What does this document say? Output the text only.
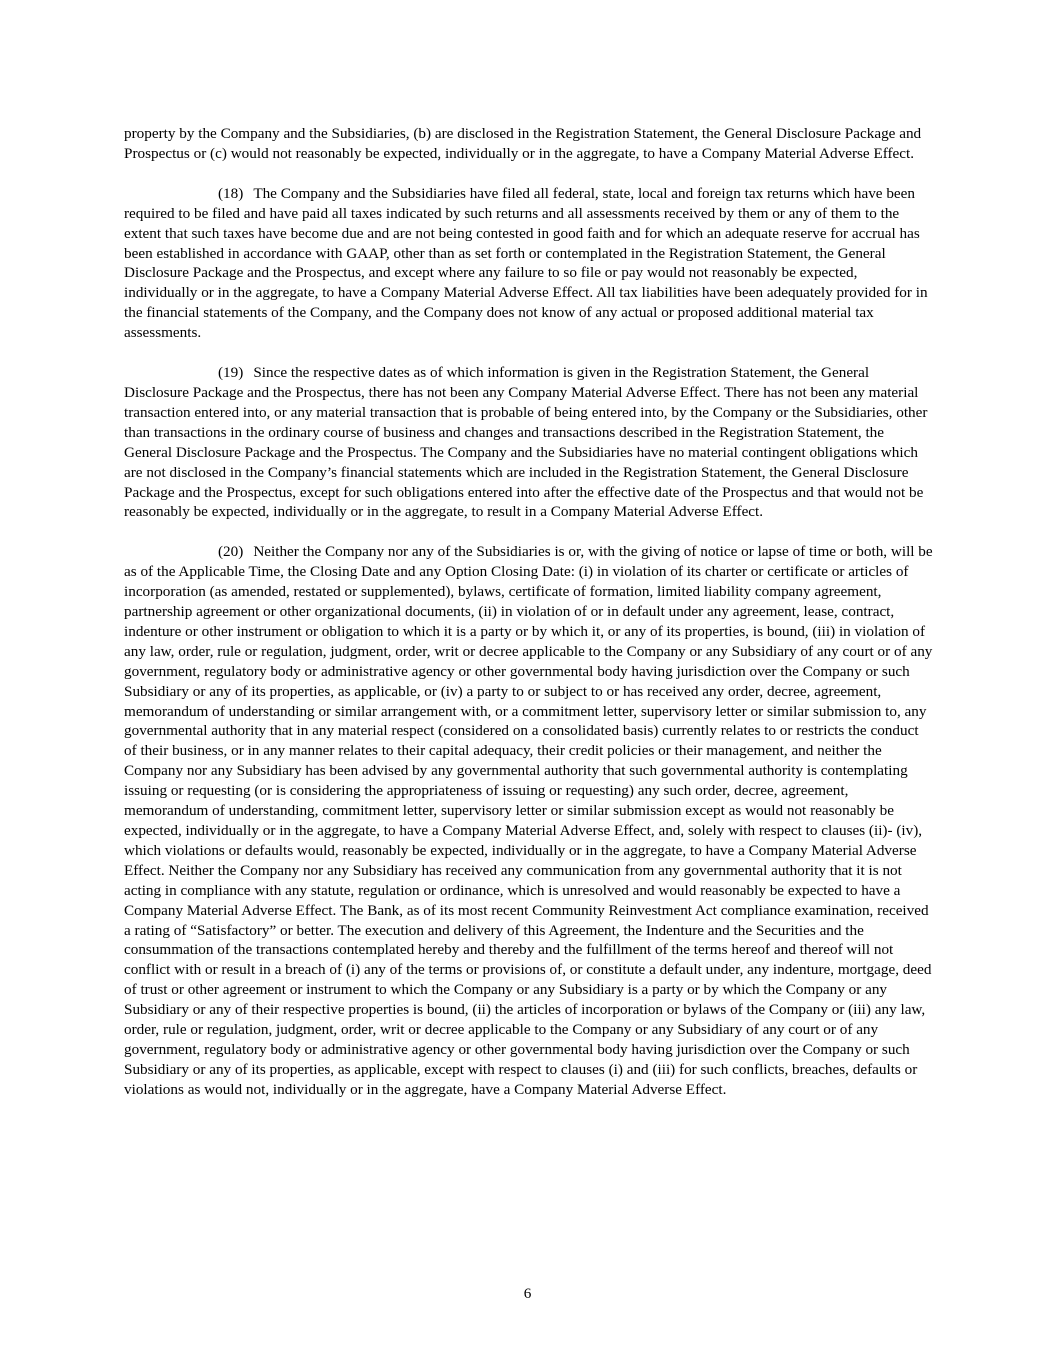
property by the Company and the Subsidiaries, (b) are disclosed in the Registration Statement, the General Disclosure Package and Prospectus or (c) would not reasonably be expected, individually or in the aggregate, to have a Company Material Adverse Effect.

(18) The Company and the Subsidiaries have filed all federal, state, local and foreign tax returns which have been required to be filed and have paid all taxes indicated by such returns and all assessments received by them or any of them to the extent that such taxes have become due and are not being contested in good faith and for which an adequate reserve for accrual has been established in accordance with GAAP, other than as set forth or contemplated in the Registration Statement, the General Disclosure Package and the Prospectus, and except where any failure to so file or pay would not reasonably be expected, individually or in the aggregate, to have a Company Material Adverse Effect. All tax liabilities have been adequately provided for in the financial statements of the Company, and the Company does not know of any actual or proposed additional material tax assessments.

(19) Since the respective dates as of which information is given in the Registration Statement, the General Disclosure Package and the Prospectus, there has not been any Company Material Adverse Effect. There has not been any material transaction entered into, or any material transaction that is probable of being entered into, by the Company or the Subsidiaries, other than transactions in the ordinary course of business and changes and transactions described in the Registration Statement, the General Disclosure Package and the Prospectus. The Company and the Subsidiaries have no material contingent obligations which are not disclosed in the Company’s financial statements which are included in the Registration Statement, the General Disclosure Package and the Prospectus, except for such obligations entered into after the effective date of the Prospectus and that would not be reasonably be expected, individually or in the aggregate, to result in a Company Material Adverse Effect.

(20) Neither the Company nor any of the Subsidiaries is or, with the giving of notice or lapse of time or both, will be as of the Applicable Time, the Closing Date and any Option Closing Date: (i) in violation of its charter or certificate or articles of incorporation (as amended, restated or supplemented), bylaws, certificate of formation, limited liability company agreement, partnership agreement or other organizational documents, (ii) in violation of or in default under any agreement, lease, contract, indenture or other instrument or obligation to which it is a party or by which it, or any of its properties, is bound, (iii) in violation of any law, order, rule or regulation, judgment, order, writ or decree applicable to the Company or any Subsidiary of any court or of any government, regulatory body or administrative agency or other governmental body having jurisdiction over the Company or such Subsidiary or any of its properties, as applicable, or (iv) a party to or subject to or has received any order, decree, agreement, memorandum of understanding or similar arrangement with, or a commitment letter, supervisory letter or similar submission to, any governmental authority that in any material respect (considered on a consolidated basis) currently relates to or restricts the conduct of their business, or in any manner relates to their capital adequacy, their credit policies or their management, and neither the Company nor any Subsidiary has been advised by any governmental authority that such governmental authority is contemplating issuing or requesting (or is considering the appropriateness of issuing or requesting) any such order, decree, agreement, memorandum of understanding, commitment letter, supervisory letter or similar submission except as would not reasonably be expected, individually or in the aggregate, to have a Company Material Adverse Effect, and, solely with respect to clauses (ii)- (iv), which violations or defaults would, reasonably be expected, individually or in the aggregate, to have a Company Material Adverse Effect. Neither the Company nor any Subsidiary has received any communication from any governmental authority that it is not acting in compliance with any statute, regulation or ordinance, which is unresolved and would reasonably be expected to have a Company Material Adverse Effect. The Bank, as of its most recent Community Reinvestment Act compliance examination, received a rating of “Satisfactory” or better. The execution and delivery of this Agreement, the Indenture and the Securities and the consummation of the transactions contemplated hereby and thereby and the fulfillment of the terms hereof and thereof will not conflict with or result in a breach of (i) any of the terms or provisions of, or constitute a default under, any indenture, mortgage, deed of trust or other agreement or instrument to which the Company or any Subsidiary is a party or by which the Company or any Subsidiary or any of their respective properties is bound, (ii) the articles of incorporation or bylaws of the Company or (iii) any law, order, rule or regulation, judgment, order, writ or decree applicable to the Company or any Subsidiary of any court or of any government, regulatory body or administrative agency or other governmental body having jurisdiction over the Company or such Subsidiary or any of its properties, as applicable, except with respect to clauses (i) and (iii) for such conflicts, breaches, defaults or violations as would not, individually or in the aggregate, have a Company Material Adverse Effect.

6
